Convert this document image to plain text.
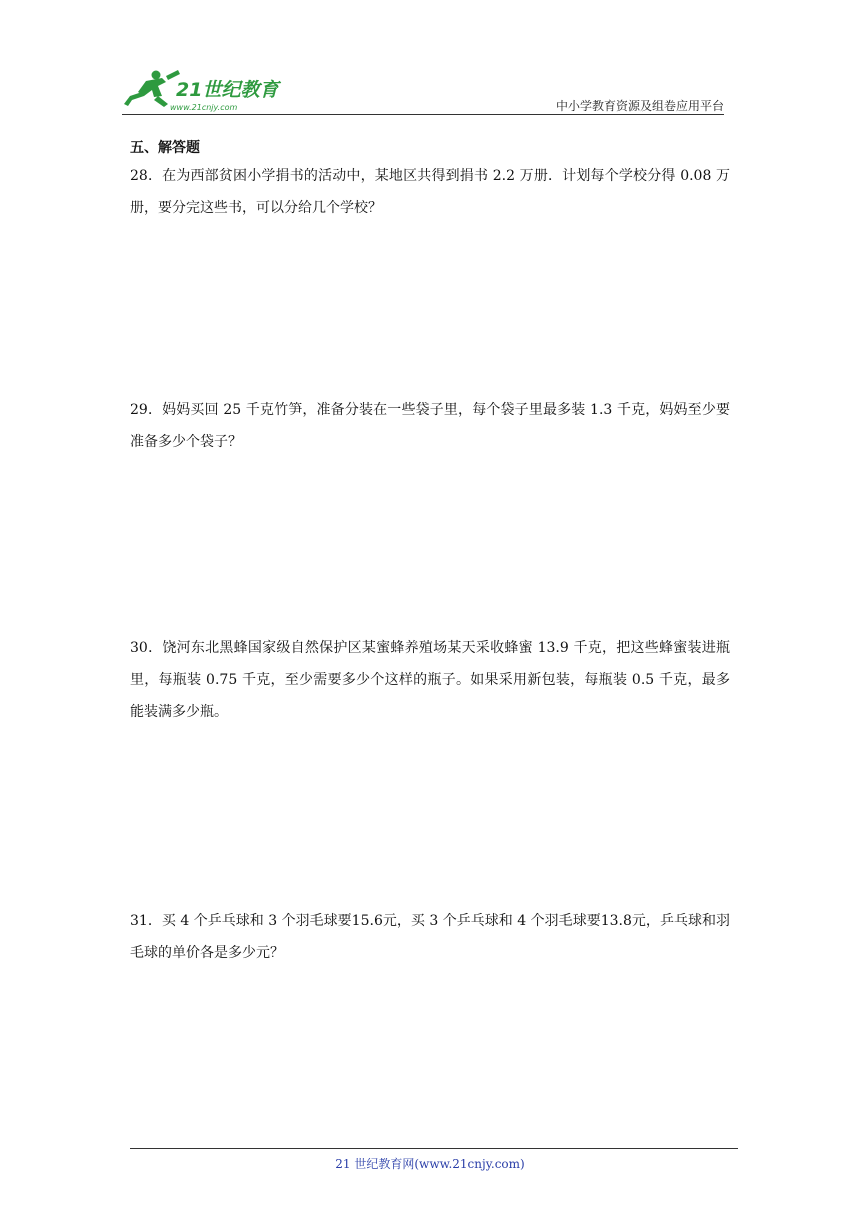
21世纪教育
www.21cnjy.com	中小学教育资源及组卷应用平台
五、解答题
28．在为西部贫困小学捐书的活动中，某地区共得到捐书 2.2 万册．计划每个学校分得 0.08 万册，要分完这些书，可以分给几个学校？
29．妈妈买回 25 千克竹笋，准备分装在一些袋子里，每个袋子里最多装 1.3 千克，妈妈至少要准备多少个袋子？
30．饶河东北黑蜂国家级自然保护区某蜜蜂养殖场某天采收蜂蜜 13.9 千克，把这些蜂蜜装进瓶里，每瓶装 0.75 千克，至少需要多少个这样的瓶子。如果采用新包装，每瓶装 0.5 千克，最多能装满多少瓶。
31．买 4 个乒乓球和 3 个羽毛球要15.6元，买 3 个乒乓球和 4 个羽毛球要13.8元，乒乓球和羽毛球的单价各是多少元？
21 世纪教育网(www.21cnjy.com)
